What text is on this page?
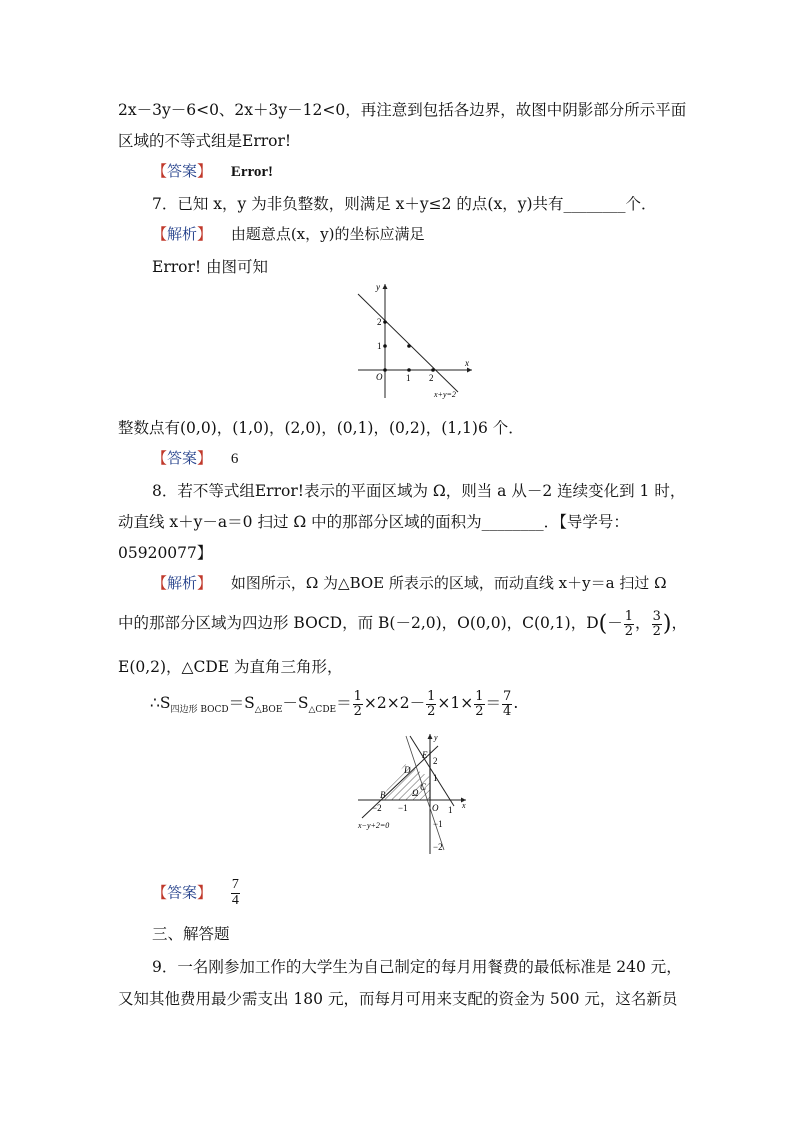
2x－3y－6<0、2x＋3y－12<0，再注意到包括各边界，故图中阴影部分所示平面
区域的不等式组是Error!
【答案】 Error!
7．已知 x，y 为非负整数，则满足 x＋y≤2 的点(x，y)共有________个．
【解析】 由题意点(x，y)的坐标应满足
Error! 由图可知
y
x
O	1 2
1
2
x+y=2
整数点有(0,0)，(1,0)，(2,0)，(0,1)，(0,2)，(1,1)6 个．
【答案】 6
8．若不等式组Error!表示的平面区域为 Ω，则当 a 从－2 连续变化到 1 时，
动直线 x＋y－a＝0 扫过 Ω 中的那部分区域的面积为________．【导学号：
05920077】
【解析】 如图所示，Ω 为△BOE 所表示的区域，而动直线 x＋y＝a 扫过 Ω
中的那部分区域为四边形 BOCD，而 B(－2,0)，O(0,0)，C(0,1)，$D(- \frac{1}{2}$ ， $\frac{3}{2}$ )，
E(0,2)，△CDE 为直角三角形，
$\therefore S_{四边形 BOCD}=S_{\triangle BOE}-S_{\triangle CDE}= \frac{1}{2} \times 2\times 2- \frac{1}{2} \times 1\times \frac{1}{2} = \frac{7}{4}$ .
E
D
C
B	Ω
O
y
x
−2 −1	1
2
1
−1
−2
x−y+2=0
【答案】 $\frac{7}{4}$
三、解答题
9．一名刚参加工作的大学生为自己制定的每月用餐费的最低标准是 240 元，
又知其他费用最少需支出 180 元，而每月可用来支配的资金为 500 元，这名新员
